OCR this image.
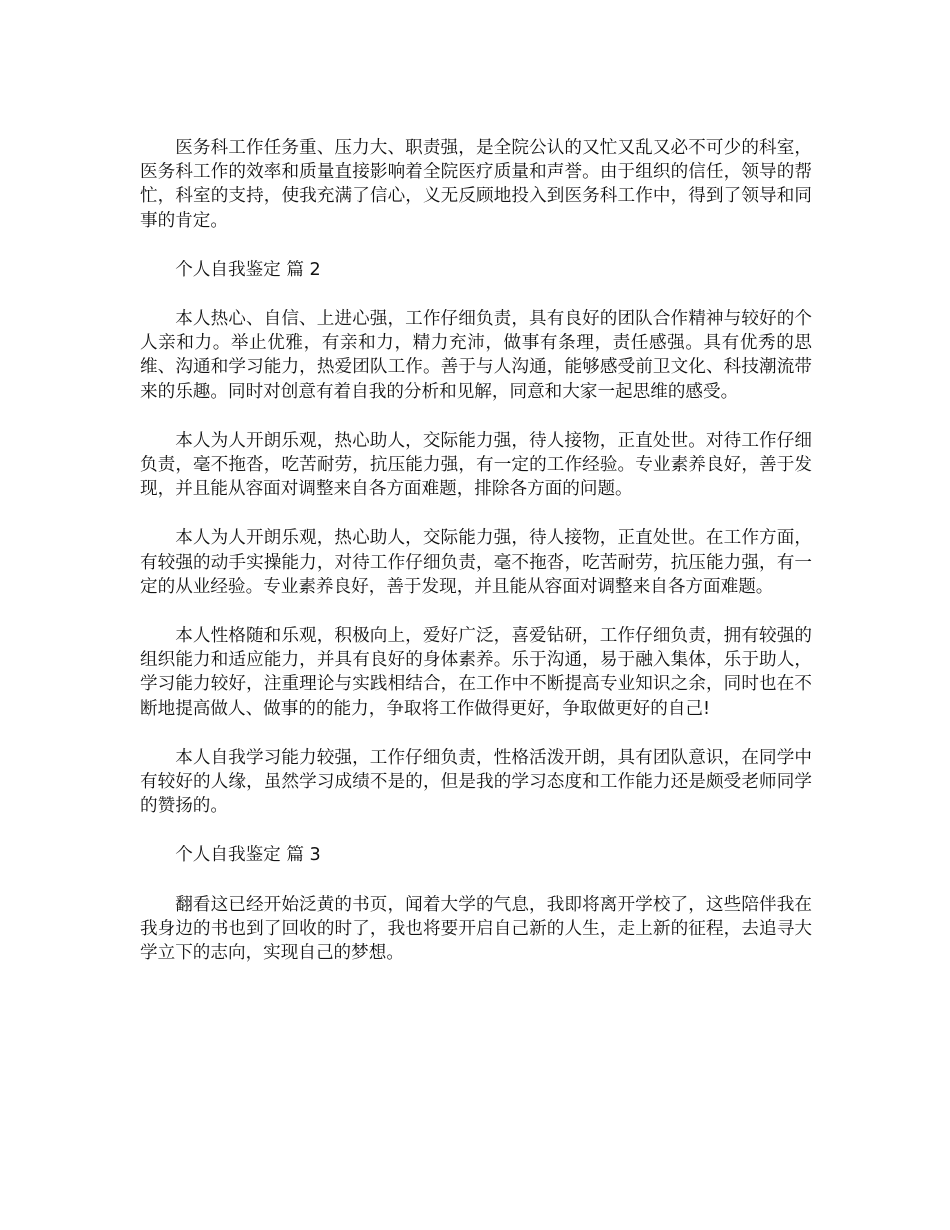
医务科工作任务重、压力大、职责强，是全院公认的又忙又乱又必不可少的科室，医务科工作的效率和质量直接影响着全院医疗质量和声誉。由于组织的信任，领导的帮忙，科室的支持，使我充满了信心，义无反顾地投入到医务科工作中，得到了领导和同事的肯定。

个人自我鉴定 篇 2

本人热心、自信、上进心强，工作仔细负责，具有良好的团队合作精神与较好的个人亲和力。举止优雅，有亲和力，精力充沛，做事有条理，责任感强。具有优秀的思维、沟通和学习能力，热爱团队工作。善于与人沟通，能够感受前卫文化、科技潮流带来的乐趣。同时对创意有着自我的分析和见解，同意和大家一起思维的感受。

本人为人开朗乐观，热心助人，交际能力强，待人接物，正直处世。对待工作仔细负责，毫不拖沓，吃苦耐劳，抗压能力强，有一定的工作经验。专业素养良好，善于发现，并且能从容面对调整来自各方面难题，排除各方面的问题。

本人为人开朗乐观，热心助人，交际能力强，待人接物，正直处世。在工作方面，有较强的动手实操能力，对待工作仔细负责，毫不拖沓，吃苦耐劳，抗压能力强，有一定的从业经验。专业素养良好，善于发现，并且能从容面对调整来自各方面难题。

本人性格随和乐观，积极向上，爱好广泛，喜爱钻研，工作仔细负责，拥有较强的组织能力和适应能力，并具有良好的身体素养。乐于沟通，易于融入集体，乐于助人，学习能力较好，注重理论与实践相结合，在工作中不断提高专业知识之余，同时也在不断地提高做人、做事的的能力，争取将工作做得更好，争取做更好的自己!

本人自我学习能力较强，工作仔细负责，性格活泼开朗，具有团队意识，在同学中有较好的人缘，虽然学习成绩不是的，但是我的学习态度和工作能力还是颇受老师同学的赞扬的。

个人自我鉴定 篇 3

翻看这已经开始泛黄的书页，闻着大学的气息，我即将离开学校了，这些陪伴我在我身边的书也到了回收的时了，我也将要开启自己新的人生，走上新的征程，去追寻大学立下的志向，实现自己的梦想。
